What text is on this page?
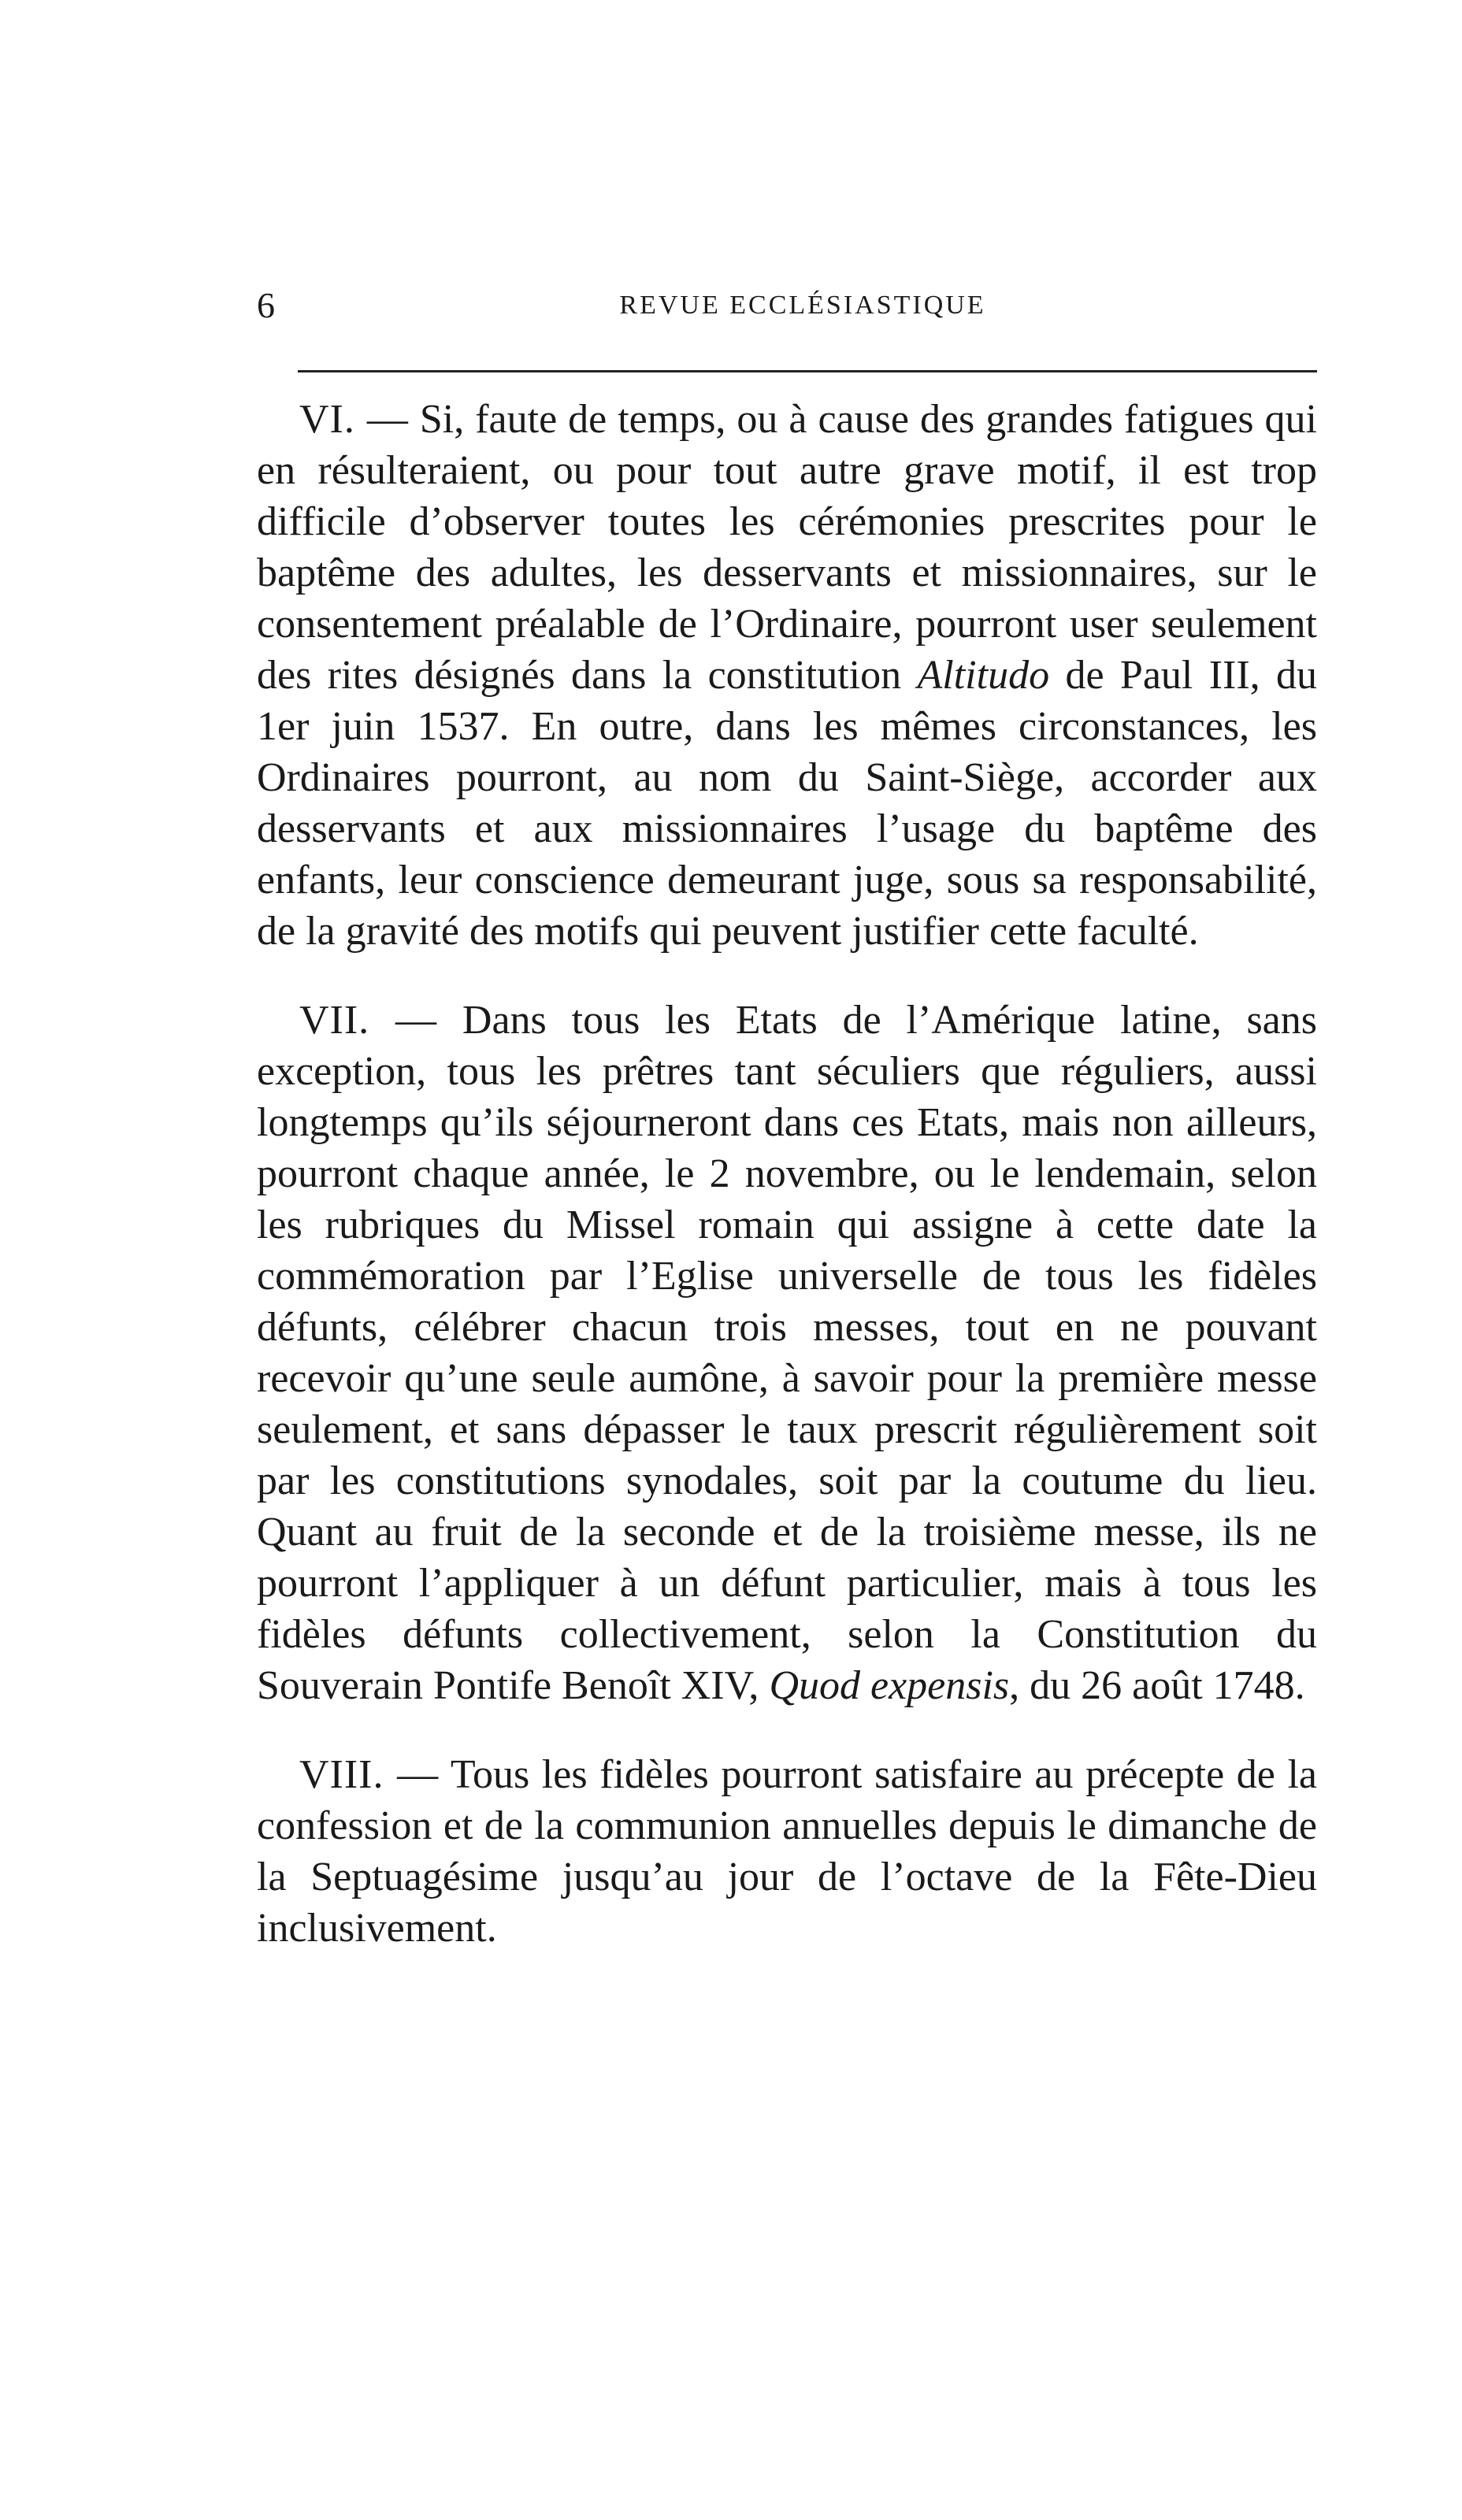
6	REVUE ECCLÉSIASTIQUE

VI. — Si, faute de temps, ou à cause des grandes fatigues qui en résulteraient, ou pour tout autre grave motif, il est trop difficile d’observer toutes les cérémonies prescrites pour le baptême des adultes, les desservants et missionnaires, sur le consentement préalable de l’Ordinaire, pourront user seulement des rites désignés dans la constitution Altitudo de Paul III, du 1er juin 1537. En outre, dans les mêmes circonstances, les Ordinaires pourront, au nom du Saint-Siège, accorder aux desservants et aux missionnaires l’usage du baptême des enfants, leur conscience demeurant juge, sous sa responsabilité, de la gravité des motifs qui peuvent justifier cette faculté.

VII. — Dans tous les Etats de l’Amérique latine, sans exception, tous les prêtres tant séculiers que réguliers, aussi longtemps qu’ils séjourneront dans ces Etats, mais non ailleurs, pourront chaque année, le 2 novembre, ou le lendemain, selon les rubriques du Missel romain qui assigne à cette date la commémoration par l’Eglise universelle de tous les fidèles défunts, célébrer chacun trois messes, tout en ne pouvant recevoir qu’une seule aumône, à savoir pour la première messe seulement, et sans dépasser le taux prescrit régulièrement soit par les constitutions synodales, soit par la coutume du lieu. Quant au fruit de la seconde et de la troisième messe, ils ne pourront l’appliquer à un défunt particulier, mais à tous les fidèles défunts collectivement, selon la Constitution du Souverain Pontife Benoît XIV, Quod expensis, du 26 août 1748.

VIII. — Tous les fidèles pourront satisfaire au précepte de la confession et de la communion annuelles depuis le dimanche de la Septuagésime jusqu’au jour de l’octave de la Fête-Dieu inclusivement.
